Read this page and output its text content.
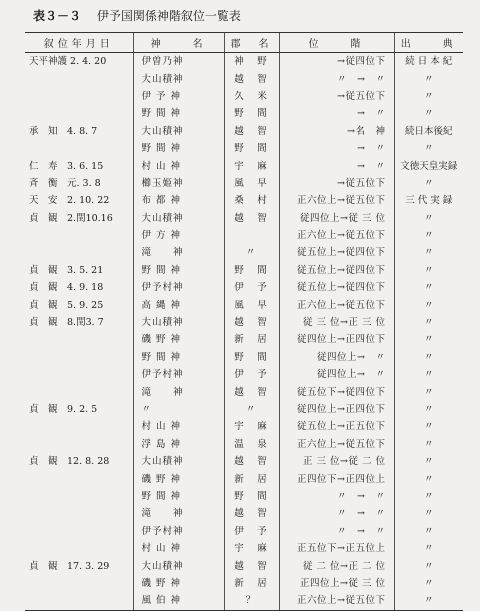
表３－３ 伊予国関係神階叙位一覧表
叙位年月日	神　　名	郡　名	位　　階	出　　典
天平神護 2. 4. 20	伊曽乃神	神　野	→従四位下	続 日 本 紀
	大山積神	越　智	〃　→　〃	〃
	伊 予 神	久　米	→従五位下	〃
	野 間 神	野　間	→　〃	〃
承　知　4. 8. 7	大山積神	越　智	→名　神	続日本後紀
	野 間 神	野　間	→　〃	〃
仁　寿　3. 6. 15	村 山 神	宇　麻	→　〃	文徳天皇実録
斉　衡　元. 3. 8	櫛玉姫神	風　早	→従五位下	〃
天　安　2. 10. 22	布 都 神	桑　村	正六位上→従五位下	三 代 実 録
貞　観　2.閏10.16	大山積神	越　智	従四位上→従 三 位	〃
	伊 方 神		正六位上→従五位下	〃
	滝　　神	〃	従五位上→従四位下	〃
貞　観　3. 5. 21	野 間 神	野　間	従五位上→従四位下	〃
貞　観　4. 9. 18	伊予村神	伊　予	従五位上→従四位下	〃
貞　観　5. 9. 25	高 縄 神	風　早	正六位上→従五位下	〃
貞　観　8.閏3. 7	大山積神	越　智	従 三 位→正 三 位	〃
	磯 野 神	新　居	従四位上→正四位下	〃
	野 間 神	野　間	従四位上→　〃	〃
	伊予村神	伊　予	従四位上→　〃	〃
	滝　　神	越　智	従五位下→従四位下	〃
貞　観　9. 2. 5	〃	〃	従四位上→正四位下	〃
	村 山 神	宇　麻	従五位上→正五位下	〃
	浮 島 神	温　泉	正六位上→従五位下	〃
貞　観　12. 8. 28	大山積神	越　智	正 三 位→従 二 位	〃
	磯 野 神	新　居	正四位下→正四位上	〃
	野 間 神	野　間	〃　→　〃	〃
	滝　　神	越　智	〃　→　〃	〃
	伊予村神	伊　予	〃　→　〃	〃
	村 山 神	宇　麻	正五位下→正五位上	〃
貞　観　17. 3. 29	大山積神	越　智	従 二 位→正 二 位	〃
	磯 野 神	新　居	正四位上→従 三 位	〃
	風 伯 神	？	正六位上→従五位下	〃
